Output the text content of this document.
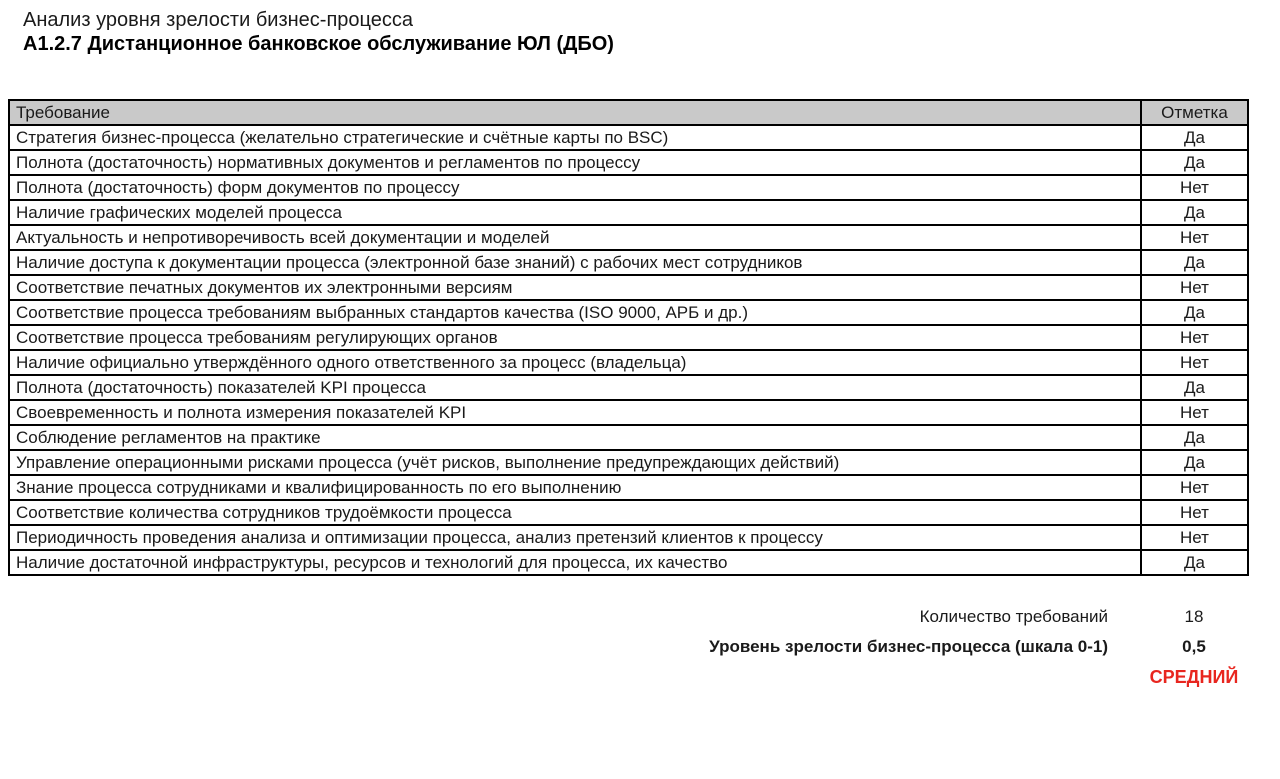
Анализ уровня зрелости бизнес-процесса
А1.2.7 Дистанционное банковское обслуживание ЮЛ (ДБО)
Требование	Отметка
Стратегия бизнес-процесса (желательно стратегические и счётные карты по BSC)	Да
Полнота (достаточность) нормативных документов и регламентов по процессу	Да
Полнота (достаточность) форм документов по процессу	Нет
Наличие графических моделей процесса	Да
Актуальность и непротиворечивость всей документации и моделей	Нет
Наличие доступа к документации процесса (электронной базе знаний) с рабочих мест сотрудников	Да
Соответствие печатных документов их электронными версиям	Нет
Соответствие процесса требованиям выбранных стандартов качества (ISO 9000, АРБ и др.)	Да
Соответствие процесса требованиям регулирующих органов	Нет
Наличие официально утверждённого одного ответственного за процесс (владельца)	Нет
Полнота (достаточность) показателей KPI процесса	Да
Своевременность и полнота измерения показателей KPI	Нет
Соблюдение регламентов на практике	Да
Управление операционными рисками процесса (учёт рисков, выполнение предупреждающих действий)	Да
Знание процесса сотрудниками и квалифицированность по его выполнению	Нет
Соответствие количества сотрудников трудоёмкости процесса	Нет
Периодичность проведения анализа и оптимизации процесса, анализ претензий клиентов к процессу	Нет
Наличие достаточной инфраструктуры, ресурсов и технологий для процесса, их качество	Да
Количество требований	18
Уровень зрелости бизнес-процесса (шкала 0-1)	0,5
СРЕДНИЙ
